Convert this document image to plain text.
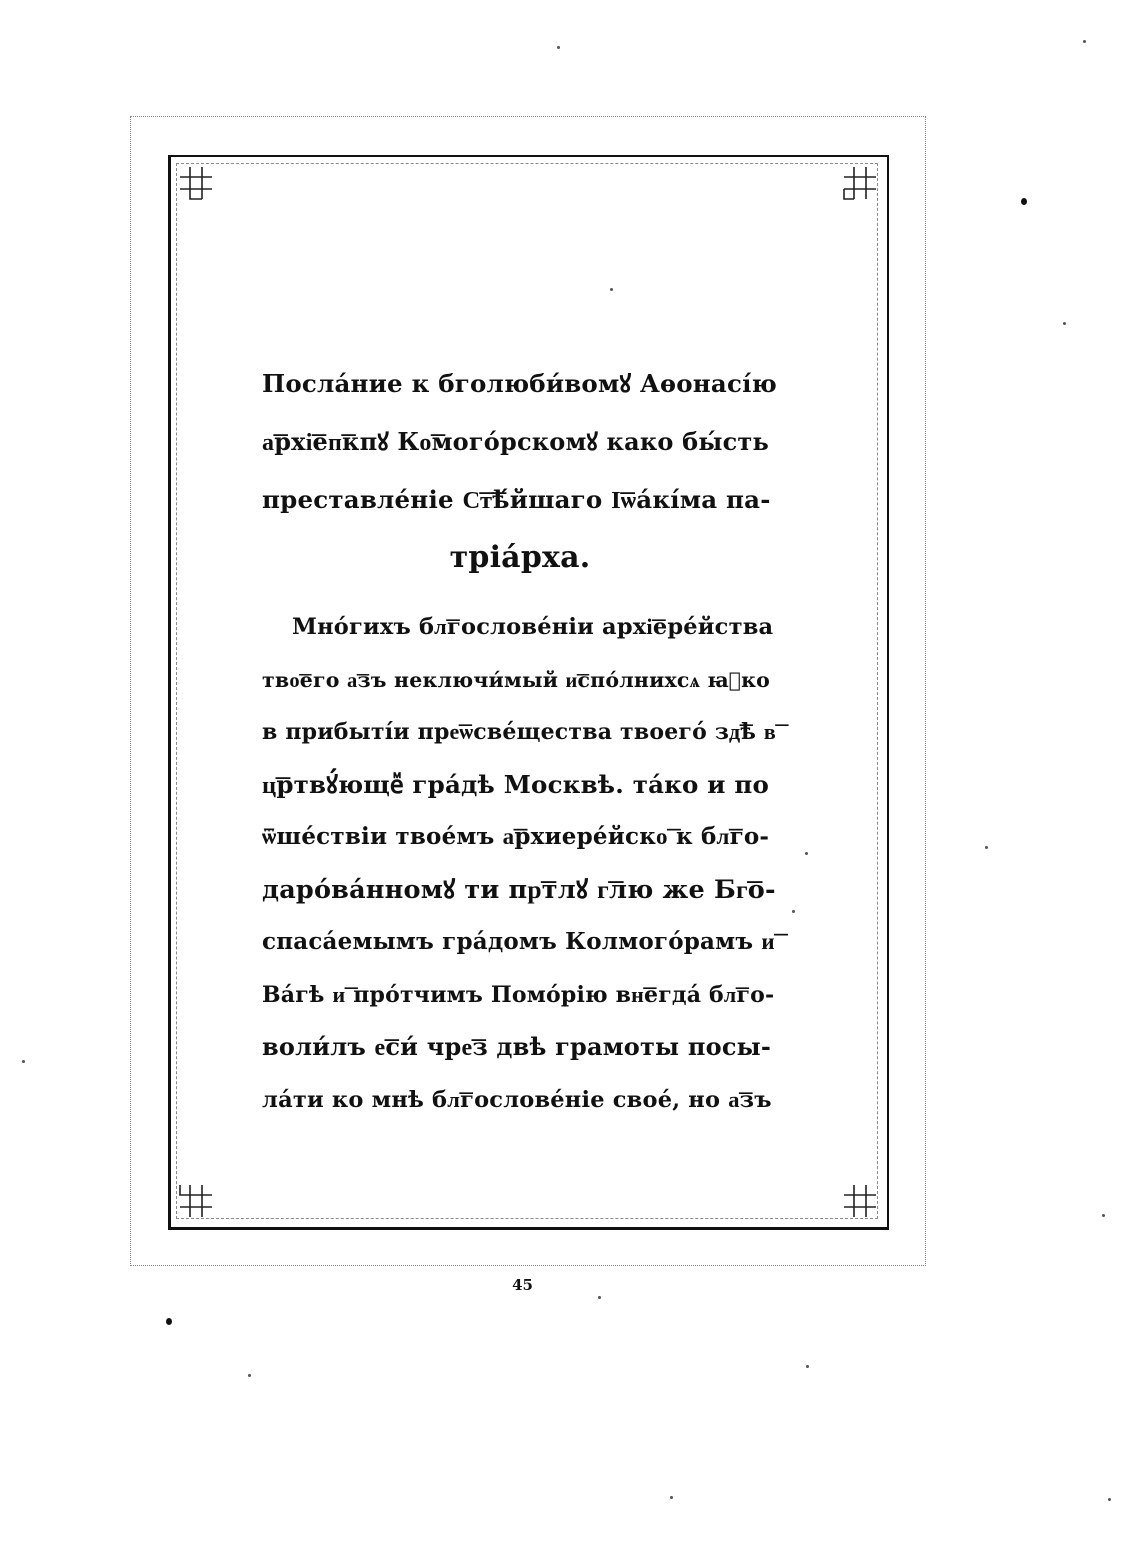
Посла́ние к бголюби́вомꙋ Аѳонасі́ю
а͞рхі͞еп͞кпꙋ Ко͞могóрскомꙋ како бы́сть
преставле́ніе С͞т͞ѣ́йшаго І͞ѡа́кі́ма па-
тріа́рха.
Мно́гихъ бл͞гослове́ніи архі͞ере́йства
тво͞его а͞зъ неключи́мый и͞спо́лнихсѧ ꙗ͞ко
в прибытíи пре͞ѡсве́щества твоего́ зд͞ѣ в͞
ц͞ртвꙋ́ющеⷨ гра́дѣ Москвѣ. та́ко и по
ѿше́ствіи твое́мъ а͞рхиере́йско͞ к бл͞го-
даро́ва́нномꙋ ти пр͞тлꙋ г͞лю же Бг͞о-
спаса́емымъ гра́домъ Колмого́рамъ и͞
Ва́гѣ и͞ про́тчимъ Помо́рію вн͞егда́ бл͞го-
воли́лъ е͞си́ чре͞з двѣ грамоты посы-
ла́ти ко мнѣ бл͞гослове́ніе свое́, но а͞зъ
45
